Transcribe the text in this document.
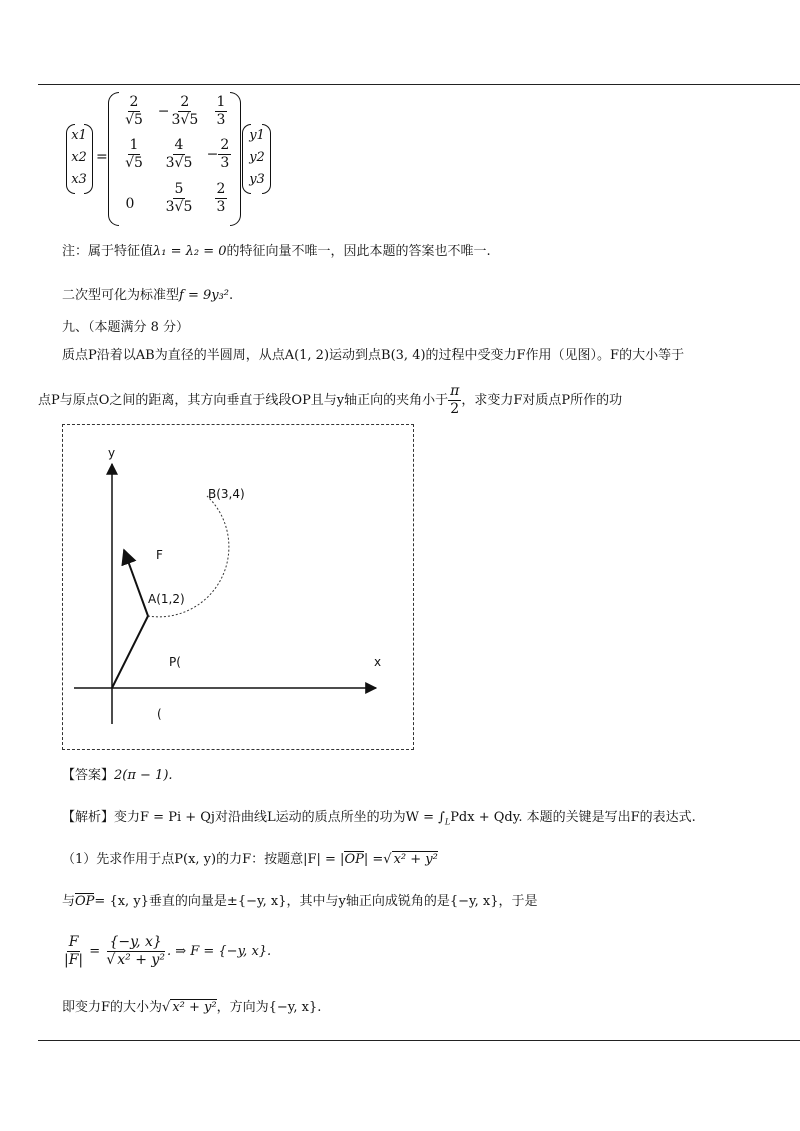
x1
x2
x3
=
$\frac{2}{√5} - \frac{2}{3√5} \frac{1}{3}$
$\frac{1}{√5} \frac{4}{3√5} - \frac{2}{3}$
0	$\frac{5}{3√5} \frac{2}{3}$
y1
y2
y3
注：属于特征值λ₁ = λ₂ = 0的特征向量不唯一，因此本题的答案也不唯一.
二次型可化为标准型f = 9y₃².
九、（本题满分 8 分）
质点P沿着以AB为直径的半圆周，从点A(1, 2)运动到点B(3, 4)的过程中受变力F作用（见图）。F的大小等于
点P与原点O之间的距离，其方向垂直于线段OP且与y轴正向的夹角小于 $\frac{\pi}{2}$ ，求变力F对质点P所作的功
y
x
B(3,4)
F
A(1,2)
P(
(
【答案】2(π − 1).
【解析】变力F = Pi + Qj对沿曲线L运动的质点所坐的功为$W = \int_LPdx$ + Qdy. 本题的关键是写出F的表达式.
（1）先求作用于点P(x, y)的力F：按题意|F| = |OP| =√ x² + y²
与OP= {x, y}垂直的向量是±{−y, x}，其中与y轴正向成锐角的是{−y, x}，于是
$\frac{F}{|F|} = \frac{\{-y, x\}}{\text{√ x² + y²}}$ . ⇒ F = {−y, x}.
即变力F的大小为√ x² + y²，方向为{−y, x}.
